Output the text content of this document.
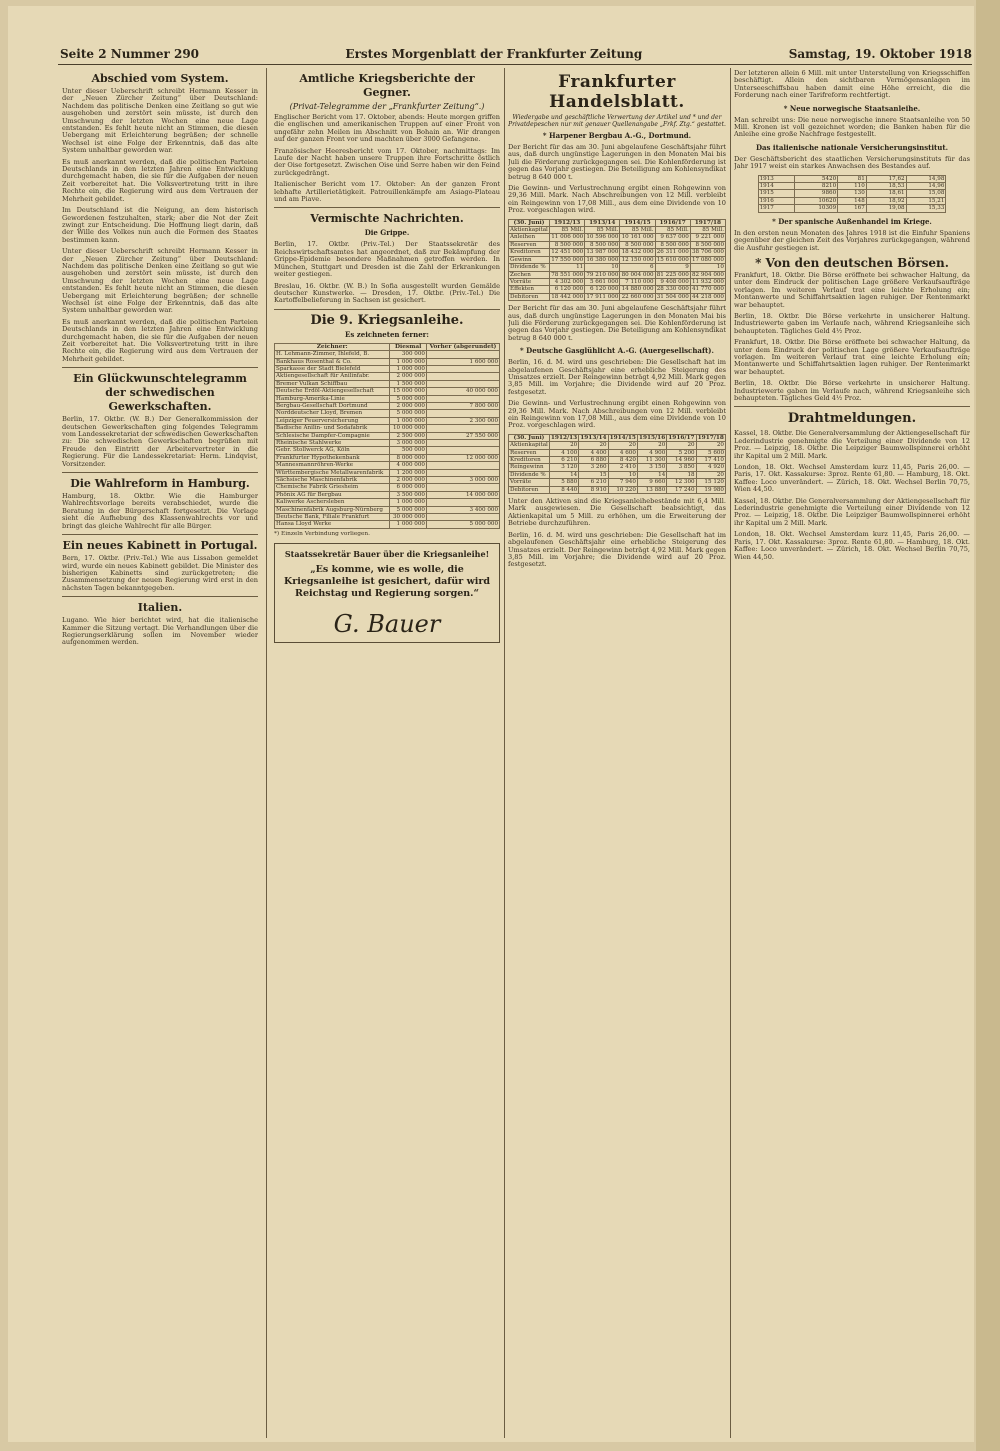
Seite 2 Nummer 290	Erstes Morgenblatt der Frankfurter Zeitung	Samstag, 19. Oktober 1918
Abschied vom System.

Unter dieser Ueberschrift schreibt Hermann Kesser in der „Neuen Zürcher Zeitung“ über Deutschland: Nachdem das politische Denken eine Zeitlang so gut wie ausgehoben und zerstört sein müsste, ist durch den Umschwung der letzten Wochen eine neue Lage entstanden. Es fehlt heute nicht an Stimmen, die diesen Uebergang mit Erleichterung begrüßen; der schnelle Wechsel ist eine Folge der Erkenntnis, daß das alte System unhaltbar geworden war.

Es muß anerkannt werden, daß die politischen Parteien Deutschlands in den letzten Jahren eine Entwicklung durchgemacht haben, die sie für die Aufgaben der neuen Zeit vorbereitet hat. Die Volksvertretung tritt in ihre Rechte ein, die Regierung wird aus dem Vertrauen der Mehrheit gebildet.

Im Deutschland ist die Neigung, an dem historisch Gewordenen festzuhalten, stark; aber die Not der Zeit zwingt zur Entscheidung. Die Hoffnung liegt darin, daß der Wille des Volkes nun auch die Formen des Staates bestimmen kann.

Unter dieser Ueberschrift schreibt Hermann Kesser in der „Neuen Zürcher Zeitung“ über Deutschland: Nachdem das politische Denken eine Zeitlang so gut wie ausgehoben und zerstört sein müsste, ist durch den Umschwung der letzten Wochen eine neue Lage entstanden. Es fehlt heute nicht an Stimmen, die diesen Uebergang mit Erleichterung begrüßen; der schnelle Wechsel ist eine Folge der Erkenntnis, daß das alte System unhaltbar geworden war.

Es muß anerkannt werden, daß die politischen Parteien Deutschlands in den letzten Jahren eine Entwicklung durchgemacht haben, die sie für die Aufgaben der neuen Zeit vorbereitet hat. Die Volksvertretung tritt in ihre Rechte ein, die Regierung wird aus dem Vertrauen der Mehrheit gebildet.

Ein Glückwunschtelegramm der schwedischen Gewerkschaften.

Berlin, 17. Oktbr. (W. B.) Der Generalkommission der deutschen Gewerkschaften ging folgendes Telegramm vom Landessekretariat der schwedischen Gewerkschaften zu: Die schwedischen Gewerkschaften begrüßen mit Freude den Eintritt der Arbeitervertreter in die Regierung. Für die Landessekretariat: Herm. Lindqvist, Vorsitzender.

Die Wahlreform in Hamburg.

Hamburg, 18. Oktbr. Wie die Hamburger Wahlrechtsvorlage bereits verabschiedet, wurde die Beratung in der Bürgerschaft fortgesetzt. Die Vorlage sieht die Aufhebung des Klassenwahlrechts vor und bringt das gleiche Wahlrecht für alle Bürger.

Ein neues Kabinett in Portugal.

Bern, 17. Oktbr. (Priv.-Tel.) Wie aus Lissabon gemeldet wird, wurde ein neues Kabinett gebildet. Die Minister des bisherigen Kabinetts sind zurückgetreten; die Zusammensetzung der neuen Regierung wird erst in den nächsten Tagen bekanntgegeben.

Italien.

Lugano. Wie hier berichtet wird, hat die italienische Kammer die Sitzung vertagt. Die Verhandlungen über die Regierungserklärung sollen im November wieder aufgenommen werden.

Amtliche Kriegsberichte der Gegner.
(Privat-Telegramme der „Frankfurter Zeitung“.)

Englischer Bericht vom 17. Oktober, abends: Heute morgen griffen die englischen und amerikanischen Truppen auf einer Front von ungefähr zehn Meilen im Abschnitt von Bohain an. Wir drangen auf der ganzen Front vor und machten über 3000 Gefangene.

Französischer Heeresbericht vom 17. Oktober, nachmittags: Im Laufe der Nacht haben unsere Truppen ihre Fortschritte östlich der Oise fortgesetzt. Zwischen Oise und Serre haben wir den Feind zurückgedrängt.

Italienischer Bericht vom 17. Oktober: An der ganzen Front lebhafte Artillerietätigkeit. Patrouillenkämpfe am Asiago-Plateau und am Piave.

Vermischte Nachrichten.
Die Grippe.

Berlin, 17. Oktbr. (Priv.-Tel.) Der Staatssekretär des Reichswirtschaftsamtes hat angeordnet, daß zur Bekämpfung der Grippe-Epidemie besondere Maßnahmen getroffen werden. In München, Stuttgart und Dresden ist die Zahl der Erkrankungen weiter gestiegen.

Breslau, 16. Oktbr. (W. B.) In Sofia ausgestellt wurden Gemälde deutscher Kunstwerke. — Dresden, 17. Oktbr. (Priv.-Tel.) Die Kartoffelbelieferung in Sachsen ist gesichert.

Die 9. Kriegsanleihe.
Es zeichneten ferner:
Zeichner:	Diesmal	Vorher (abgerundet)
H. Lehmann-Zimmer, Ihlefeld, B.	300 000	
Bankhaus Rosenthal & Co.	1 000 000	1 600 000
Sparkasse der Stadt Bielefeld	1 000 000	
Aktiengesellschaft für Anilinfabr.	2 000 000	
Bremer Vulkan Schiffbau	1 500 000	
Deutsche Erdöl-Aktiengesellschaft	15 000 000	40 000 000
Hamburg-Amerika-Linie	5 000 000	
Bergbau-Gesellschaft Dortmund	2 000 000	7 800 000
Norddeutscher Lloyd, Bremen	5 000 000	
Leipziger Feuerversicherung	1 000 000	2 300 000
Badische Anilin- und Sodafabrik	10 000 000	
Schlesische Dampfer-Compagnie	2 500 000	27 550 000
Rheinische Stahlwerke	3 000 000	
Gebr. Stollwerck AG, Köln	500 000	
Frankfurter Hypothekenbank	8 000 000	12 000 000
Mannesmannröhren-Werke	4 000 000	
Württembergische Metallwarenfabrik	1 200 000	
Sächsische Maschinenfabrik	2 000 000	3 000 000
Chemische Fabrik Griesheim	6 000 000	
Phönix AG für Bergbau	3 500 000	14 000 000
Kaliwerke Aschersleben	1 000 000	
Maschinenfabrik Augsburg-Nürnberg	5 000 000	3 400 000
Deutsche Bank, Filiale Frankfurt	30 000 000	
Hansa Lloyd Werke	1 000 000	5 000 000
*) Einzeln Verbindung vorliegen.
Staatssekretär Bauer über die Kriegsanleihe!
„Es komme, wie es wolle, die Kriegsanleihe ist gesichert, dafür wird Reichstag und Regierung sorgen.“
G. Bauer
Frankfurter Handelsblatt.
Wiedergabe und geschäftliche Verwertung der Artikel und * und der Privatdepeschen nur mit genauer Quellenangabe „Frkf. Ztg.“ gestattet.
* Harpener Bergbau A.-G., Dortmund.

Der Bericht für das am 30. Juni abgelaufene Geschäftsjahr führt aus, daß durch ungünstige Lagerungen in den Monaten Mai bis Juli die Förderung zurückgegangen sei. Die Kohlenförderung ist gegen das Vorjahr gestiegen. Die Beteiligung am Kohlensyndikat betrug 8 640 000 t.

Die Gewinn- und Verlustrechnung ergibt einen Rohgewinn von 29,36 Mill. Mark. Nach Abschreibungen von 12 Mill. verbleibt ein Reingewinn von 17,08 Mill., aus dem eine Dividende von 10 Proz. vorgeschlagen wird.

(30. Juni)	1912/13	1913/14	1914/15	1916/17	1917/18
Aktienkapital	85 Mill.	85 Mill.	85 Mill.	85 Mill.	85 Mill.
Anleihen	11 006 000	10 596 000	10 161 000	9 637 000	9 221 000
Reserven	8 500 000	8 500 000	8 500 000	8 500 000	8 500 000
Kreditoren	12 451 000	13 987 000	18 432 000	26 311 000	38 706 000
Gewinn	17 550 000	16 380 000	12 150 000	15 610 000	17 080 000
Dividende %	11	10	6	9	10
Zechen	78 551 000	79 210 000	80 004 000	81 225 000	82 904 000
Vorräte	4 302 000	5 661 000	7 110 000	9 408 000	11 932 000
Effekten	6 120 000	6 120 000	14 880 000	28 330 000	41 770 000
Debitoren	18 442 000	17 911 000	22 660 000	31 504 000	44 218 000

Der Bericht für das am 30. Juni abgelaufene Geschäftsjahr führt aus, daß durch ungünstige Lagerungen in den Monaten Mai bis Juli die Förderung zurückgegangen sei. Die Kohlenförderung ist gegen das Vorjahr gestiegen. Die Beteiligung am Kohlensyndikat betrug 8 640 000 t.

* Deutsche Gasglühlicht A.-G. (Auergesellschaft).

Berlin, 16. d. M. wird uns geschrieben: Die Gesellschaft hat im abgelaufenen Geschäftsjahr eine erhebliche Steigerung des Umsatzes erzielt. Der Reingewinn beträgt 4,92 Mill. Mark gegen 3,85 Mill. im Vorjahre; die Dividende wird auf 20 Proz. festgesetzt.

Die Gewinn- und Verlustrechnung ergibt einen Rohgewinn von 29,36 Mill. Mark. Nach Abschreibungen von 12 Mill. verbleibt ein Reingewinn von 17,08 Mill., aus dem eine Dividende von 10 Proz. vorgeschlagen wird.

(30. Juni)	1912/13	1913/14	1914/15	1915/16	1916/17	1917/18
Aktienkapital	20	20	20	20	20	20
Reserven	4 100	4 400	4 600	4 900	5 200	5 600
Kreditoren	6 210	6 880	8 420	11 300	14 960	17 410
Reingewinn	3 120	3 260	2 410	3 150	3 850	4 920
Dividende %	14	15	10	14	18	20
Vorräte	5 880	6 210	7 940	9 660	12 300	15 120
Debitoren	8 440	8 910	10 220	13 880	17 240	19 980

Unter den Aktiven sind die Kriegsanleihebestände mit 6,4 Mill. Mark ausgewiesen. Die Gesellschaft beabsichtigt, das Aktienkapital um 5 Mill. zu erhöhen, um die Erweiterung der Betriebe durchzuführen.

Berlin, 16. d. M. wird uns geschrieben: Die Gesellschaft hat im abgelaufenen Geschäftsjahr eine erhebliche Steigerung des Umsatzes erzielt. Der Reingewinn beträgt 4,92 Mill. Mark gegen 3,85 Mill. im Vorjahre; die Dividende wird auf 20 Proz. festgesetzt.

Der letzteren allein 6 Mill. mit unter Unterstellung von Kriegsschiffen beschäftigt. Allein den sichtbaren Vermögensanlagen im Unterseeschiffsbau haben damit eine Höhe erreicht, die die Forderung nach einer Tarifreform rechtfertigt.

* Neue norwegische Staatsanleihe.

Man schreibt uns: Die neue norwegische innere Staatsanleihe von 50 Mill. Kronen ist voll gezeichnet worden; die Banken haben für die Anleihe eine große Nachfrage festgestellt.

Das italienische nationale Versicherungsinstitut.

Der Geschäftsbericht des staatlichen Versicherungsinstituts für das Jahr 1917 weist ein starkes Anwachsen des Bestandes auf.

1913	5420	81	17,62	14,98
1914	8210	110	18,53	14,96
1915	9860	130	18,61	15,08
1916	10620	148	18,92	15,21
1917	10309	167	19,08	15,33
* Der spanische Außenhandel im Kriege.

In den ersten neun Monaten des Jahres 1918 ist die Einfuhr Spaniens gegenüber der gleichen Zeit des Vorjahres zurückgegangen, während die Ausfuhr gestiegen ist.

* Von den deutschen Börsen.

Frankfurt, 18. Oktbr. Die Börse eröffnete bei schwacher Haltung, da unter dem Eindruck der politischen Lage größere Verkaufsaufträge vorlagen. Im weiteren Verlauf trat eine leichte Erholung ein; Montanwerte und Schiffahrtsaktien lagen ruhiger. Der Rentenmarkt war behauptet.

Berlin, 18. Oktbr. Die Börse verkehrte in unsicherer Haltung. Industriewerte gaben im Verlaufe nach, während Kriegsanleihe sich behaupteten. Tägliches Geld 4½ Proz.

Frankfurt, 18. Oktbr. Die Börse eröffnete bei schwacher Haltung, da unter dem Eindruck der politischen Lage größere Verkaufsaufträge vorlagen. Im weiteren Verlauf trat eine leichte Erholung ein; Montanwerte und Schiffahrtsaktien lagen ruhiger. Der Rentenmarkt war behauptet.

Berlin, 18. Oktbr. Die Börse verkehrte in unsicherer Haltung. Industriewerte gaben im Verlaufe nach, während Kriegsanleihe sich behaupteten. Tägliches Geld 4½ Proz.

Drahtmeldungen.

Kassel, 18. Oktbr. Die Generalversammlung der Aktiengesellschaft für Lederindustrie genehmigte die Verteilung einer Dividende von 12 Proz. — Leipzig, 18. Oktbr. Die Leipziger Baumwollspinnerei erhöht ihr Kapital um 2 Mill. Mark.

London, 18. Okt. Wechsel Amsterdam kurz 11,45, Paris 26,00. — Paris, 17. Okt. Kassakurse: 3proz. Rente 61,80. — Hamburg, 18. Okt. Kaffee: Loco unverändert. — Zürich, 18. Okt. Wechsel Berlin 70,75, Wien 44,50.

Kassel, 18. Oktbr. Die Generalversammlung der Aktiengesellschaft für Lederindustrie genehmigte die Verteilung einer Dividende von 12 Proz. — Leipzig, 18. Oktbr. Die Leipziger Baumwollspinnerei erhöht ihr Kapital um 2 Mill. Mark.

London, 18. Okt. Wechsel Amsterdam kurz 11,45, Paris 26,00. — Paris, 17. Okt. Kassakurse: 3proz. Rente 61,80. — Hamburg, 18. Okt. Kaffee: Loco unverändert. — Zürich, 18. Okt. Wechsel Berlin 70,75, Wien 44,50.
